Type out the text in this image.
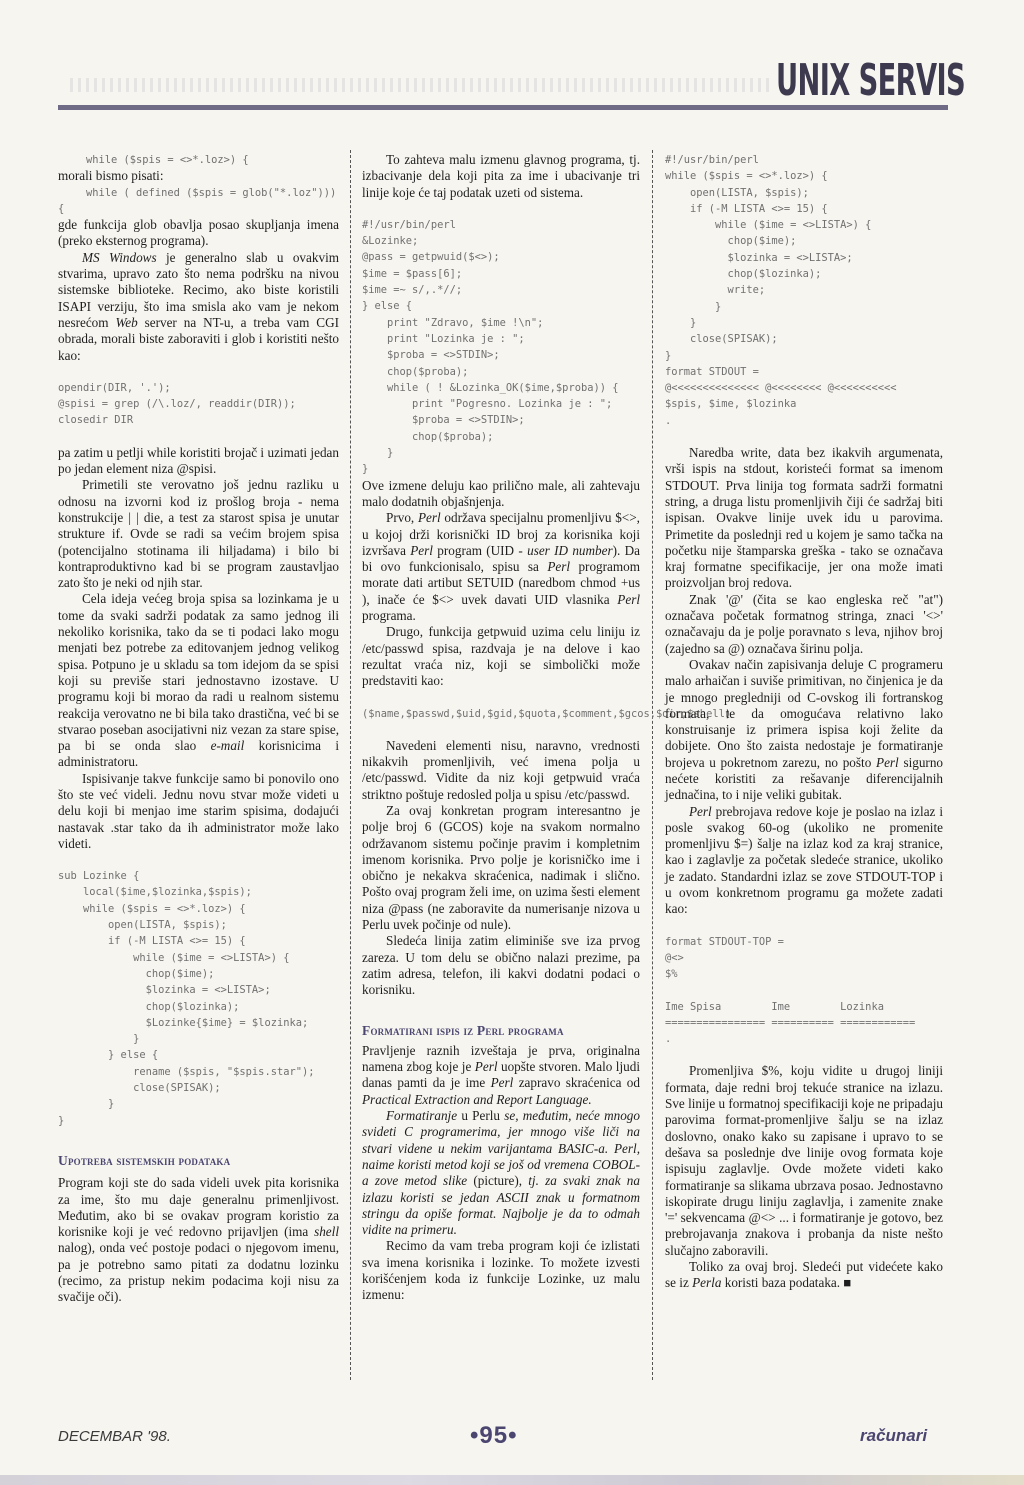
UNIX SERVIS
while ($spis = <>*.loz>) {

morali bismo pisati:

while ( defined ($spis = glob("*.loz")))
{

gde funkcija glob obavlja posao skupljanja imena (preko eksternog programa).

MS Windows je generalno slab u ovakvim stvarima, upravo zato što nema podršku na nivou sistemske biblioteke. Recimo, ako biste koristili ISAPI verziju, što ima smisla ako vam je nekom nesrećom Web server na NT-u, a trebа vam CGI obrada, morali biste zaboraviti i glob i koristiti nešto kao:

opendir(DIR, '.');
@spisi = grep (/\.loz/, readdir(DIR));
closedir DIR

pa zatim u petlji while koristiti brojač i uzimati jedan po jedan element niza @spisi.

Primetili ste verovatno još jednu razliku u odnosu na izvorni kod iz prošlog broja - nema konstrukcije | | die, a test za starost spisa je unutar strukture if. Ovde se radi sa većim brojem spisa (potencijalno stotinama ili hiljadama) i bilo bi kontraproduktivno kad bi se program zaustavljao zato što je neki od njih star.

Cela ideja većeg broja spisa sa lozinkama je u tome da svaki sadrži podatak za samo jednog ili nekoliko korisnika, tako da se ti podaci lako mogu menjati bez potrebe za editovanjem jednog velikog spisa. Potpuno je u skladu sa tom idejom da se spisi koji su previše stari jednostavno izostave. U programu koji bi morao da radi u realnom sistemu reakcija verovatno ne bi bila tako drastična, već bi se stvarao poseban asocijativni niz vezan za stare spise, pa bi se onda slao e-mail korisnicima i administratoru.

Ispisivanje takve funkcije samo bi ponovilo ono što ste već videli. Jednu novu stvar može videti u delu koji bi menjao ime starim spisima, dodajući nastavak .star tako da ih administrator može lako videti.

sub Lozinke {
local($ime,$lozinka,$spis);
while ($spis = <>*.loz>) {
open(LISTA, $spis);
if (-M LISTA <>= 15) {
while ($ime = <>LISTA>) {
chop($ime);
$lozinka = <>LISTA>;
chop($lozinka);
$Lozinke{$ime} = $lozinka;
}
} else {
rename ($spis, "$spis.star");
close(SPISAK);
}
}
Upotreba sistemskih podataka

Program koji ste do sada videli uvek pita korisnika za ime, što mu daje generalnu primenljivost. Međutim, ako bi se ovakav program koristio za korisnike koji je već redovno prijavljen (ima shell nalog), onda već postoje podaci o njegovom imenu, pa je potrebno samo pitati za dodatnu lozinku (recimo, za pristup nekim podacima koji nisu za svačije oči).

To zahteva malu izmenu glavnog programa, tj. izbacivanje dela koji pita za ime i ubacivanje tri linije koje će taj podatak uzeti od sistema.

#!/usr/bin/perl
&Lozinke;
@pass = getpwuid($<>);
$ime = $pass[6];
$ime =~ s/,.*//;
} else {
print "Zdravo, $ime !\n";
print "Lozinka je : ";
$proba = <>STDIN>;
chop($proba);
while ( ! &Lozinka_OK($ime,$proba)) {
print "Pogresno. Lozinka je : ";
$proba = <>STDIN>;
chop($proba);
}
}

Ove izmene deluju kao prilično male, ali zahtevaju malo dodatnih objašnjenja.

Prvo, Perl održava specijalnu promenljivu $<>, u kojoj drži korisnički ID broj za korisnika koji izvršava Perl program (UID - user ID number). Da bi ovo funkcionisalo, spisu sa Perl programom morate dati artibut SETUID (naredbom chmod +us ), inače će $<> uvek davati UID vlasnika Perl programa.

Drugo, funkcija getpwuid uzima celu liniju iz /etc/passwd spisa, razdvaja je na delove i kao rezultat vraća niz, koji se simbolički može predstaviti kao:

($name,$passwd,$uid,$gid,$quota,$comment,$gcos,$dir,$shell)

Navedeni elementi nisu, naravno, vrednosti nikakvih promenljivih, već imena polja u /etc/passwd. Vidite da niz koji getpwuid vraća striktno poštuje redosled polja u spisu /etc/passwd.

Za ovaj konkretan program interesantno je polje broj 6 (GCOS) koje na svakom normalno održavanom sistemu počinje pravim i kompletnim imenom korisnika. Prvo polje je korisničko ime i obično je nekakva skraćenica, nadimak i slično. Pošto ovaj program želi ime, on uzima šesti element niza @pass (ne zaboravite da numerisanje nizova u Perlu uvek počinje od nule).

Sledeća linija zatim eliminiše sve iza prvog zareza. U tom delu se obično nalazi prezime, pa zatim adresa, telefon, ili kakvi dodatni podaci o korisniku.

Formatirani ispis iz Perl programa

Pravljenje raznih izveštaja je prva, originalna namena zbog koje je Perl uopšte stvoren. Malo ljudi danas pamti da je ime Perl zapravo skraćenica od Practical Extraction and Report Language.

Formatiranje u Perlu se, međutim, neće mnogo svideti C programerima, jer mnogo više liči na stvari videne u nekim varijantama BASIC-a. Perl, naime koristi metod koji se još od vremena COBOL-a zove metod slike (picture), tj. za svaki znak na izlazu koristi se jedan ASCII znak u formatnom stringu da opiše format. Najbolje je da to odmah vidite na primeru.

Recimo da vam treba program koji će izlistati sva imena korisnika i lozinke. To možete izvesti korišćenjem koda iz funkcije Lozinke, uz malu izmenu:

#!/usr/bin/perl
while ($spis = <>*.loz>) {
open(LISTA, $spis);
if (-M LISTA <>= 15) {
while ($ime = <>LISTA>) {
chop($ime);
$lozinka = <>LISTA>;
chop($lozinka);
write;
}
}
close(SPISAK);
}
format STDOUT =
@<<<<<<<<<<<<<< @<<<<<<<< @<<<<<<<<<<
$spis, $ime, $lozinka
.

Naredba write, data bez ikakvih argumenata, vrši ispis na stdout, koristeći format sa imenom STDOUT. Prva linija tog formata sadrži formatni string, a druga listu promenljivih čiji će sadržaj biti ispisan. Ovakve linije uvek idu u parovima. Primetite da poslednji red u kojem je samo tačka na početku nije štamparska greška - tako se označava kraj formatne specifikacije, jer ona može imati proizvoljan broj redova.

Znak '@' (čita se kao engleska reč "at") označava početak formatnog stringa, znaci '<>' označavaju da je polje poravnato s leva, njihov broj (zajedno sa @) označava širinu polja.

Ovakav način zapisivanja deluje C programeru malo arhaičan i suviše primitivan, no činjenica je da je mnogo pregledniji od C-ovskog ili fortranskog formata, te da omogućava relativno lako konstruisanje iz primera ispisa koji želite da dobijete. Ono što zaista nedostaje je formatiranje brojeva u pokretnom zarezu, no pošto Perl sigurno nećete koristiti za rešavanje diferencijalnih jednačina, to i nije veliki gubitak.

Perl prebrojava redove koje je poslao na izlaz i posle svakog 60-og (ukoliko ne promenite promenljivu $=) šalje na izlaz kod za kraj stranice, kao i zaglavlje za početak sledeće stranice, ukoliko je zadato. Standardni izlaz se zove STDOUT-TOP i u ovom konkretnom programu ga možete zadati kao:

format STDOUT-TOP =
@<>
$%
Ime Spisa        Ime        Lozinka
================ ========== ============
.

Promenljiva $%, koju vidite u drugoj liniji formata, daje redni broj tekuće stranice na izlazu. Sve linije u formatnoj specifikaciji koje ne pripadaju parovima format-promenljive šalju se na izlaz doslovno, onako kako su zapisane i upravo to se dešava sa poslednje dve linije ovog formata koje ispisuju zaglavlje. Ovde možete videti kako formatiranje sa slikama ubrzava posao. Jednostavno iskopirate drugu liniju zaglavlja, i zamenite znake '=' sekvencama @<> ... i formatiranje je gotovo, bez prebrojavanja znakova i probanja da niste nešto slučajno zaboravili.

Toliko za ovaj broj. Sledeći put videćete kako se iz Perla koristi baza podataka. ■

DECEMBAR '98.	•95•	računari
